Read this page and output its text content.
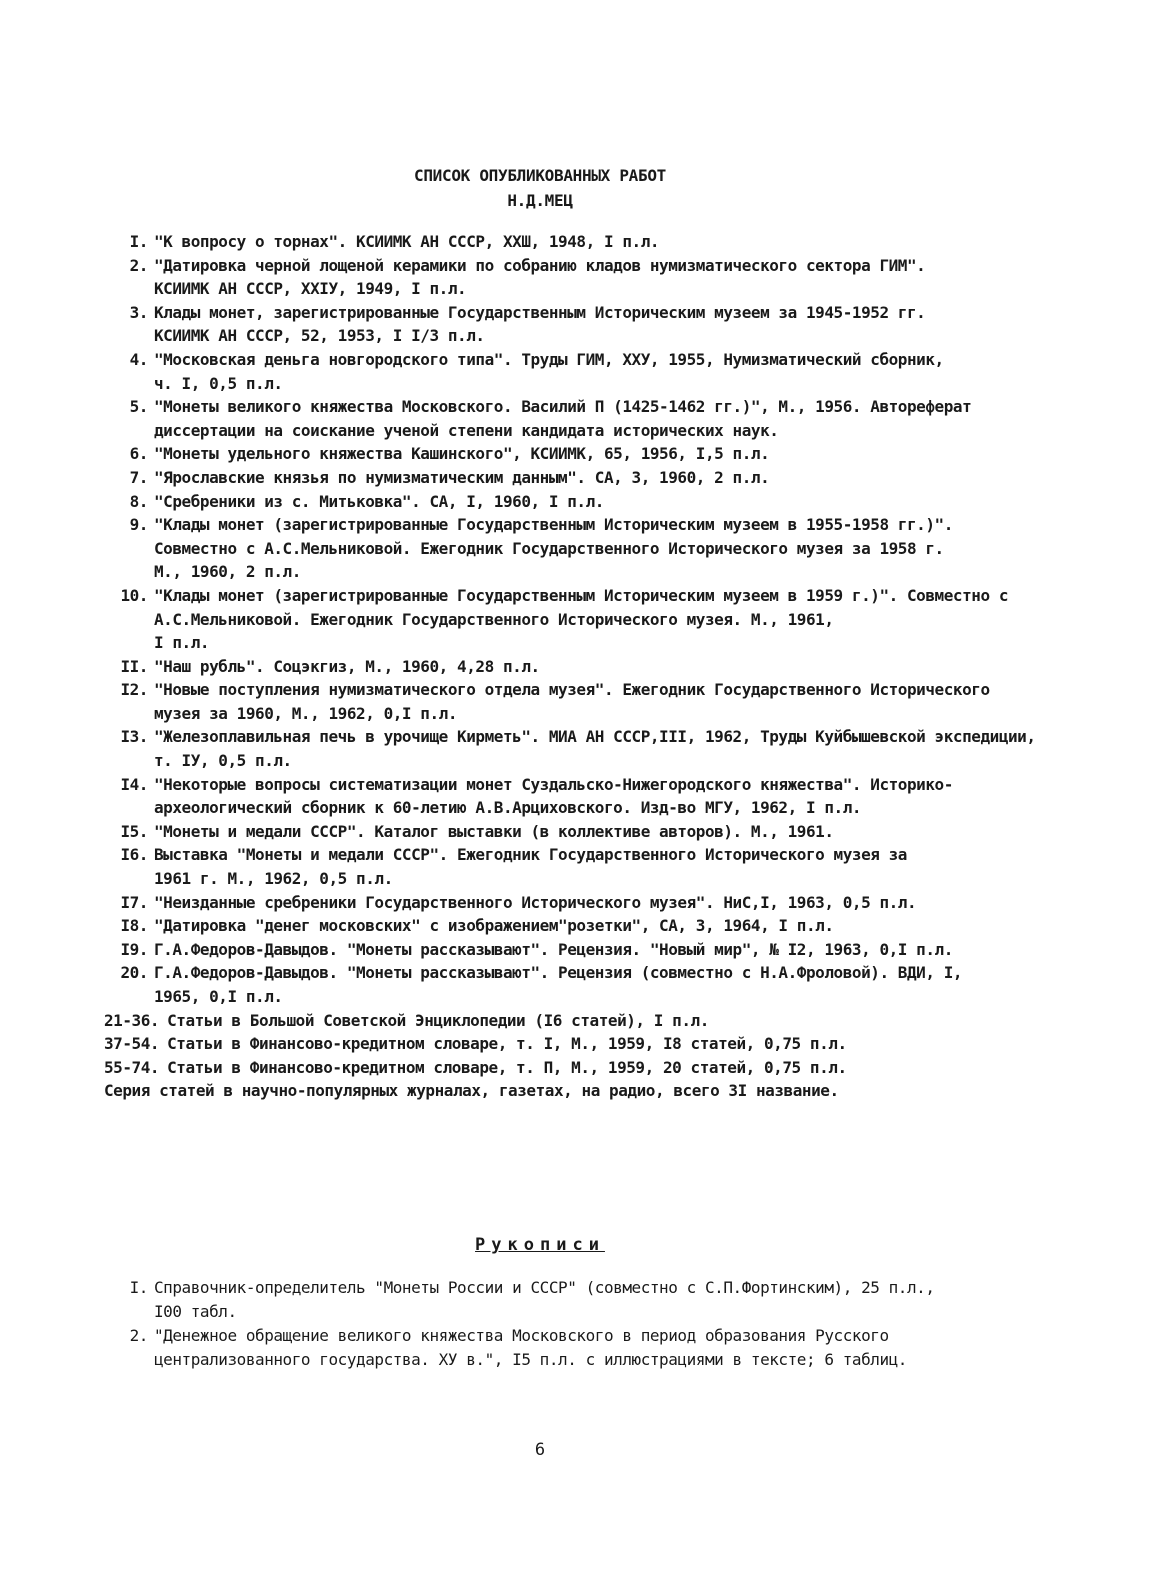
СПИСОК ОПУБЛИКОВАННЫХ РАБОТ
Н.Д.МЕЦ
I. "К вопросу о торнах". КСИИМК АН СССР, XXШ, 1948, I п.л.
2. "Датировка черной лощеной керамики по собранию кладов нумизматического сектора ГИМ".
КСИИМК АН СССР, XXIУ, 1949, I п.л.
3. Клады монет, зарегистрированные Государственным Историческим музеем за 1945-1952 гг.
КСИИМК АН СССР, 52, 1953, I I/3 п.л.
4. "Московская деньга новгородского типа". Труды ГИМ, XXУ, 1955, Нумизматический сборник,
ч. I, 0,5 п.л.
5. "Монеты великого княжества Московского. Василий П (1425-1462 гг.)", М., 1956. Автореферат диссертации на соискание ученой степени кандидата исторических наук.
6. "Монеты удельного княжества Кашинского", КСИИМК, 65, 1956, I,5 п.л.
7. "Ярославские князья по нумизматическим данным". СА, 3, 1960, 2 п.л.
8. "Сребреники из с. Митьковка". СА, I, 1960, I п.л.
9. "Клады монет (зарегистрированные Государственным Историческим музеем в 1955-1958 гг.)".
Совместно с А.С.Мельниковой. Ежегодник Государственного Исторического музея за 1958 г.
М., 1960, 2 п.л.
10. "Клады монет (зарегистрированные Государственным Историческим музеем в 1959 г.)". Совместно с А.С.Мельниковой. Ежегодник Государственного Исторического музея. М., 1961,
I п.л.
II. "Наш рубль". Соцэкгиз, М., 1960, 4,28 п.л.
I2. "Новые поступления нумизматического отдела музея". Ежегодник Государственного Исторического музея за 1960, М., 1962, 0,I п.л.
I3. "Железоплавильная печь в урочище Кирметь". МИА АН СССР,III, 1962, Труды Куйбышевской экспедиции, т. IУ, 0,5 п.л.
I4. "Некоторые вопросы систематизации монет Суздальско-Нижегородского княжества". Историко-археологический сборник к 60-летию А.В.Арциховского. Изд-во МГУ, 1962, I п.л.
I5. "Монеты и медали СССР". Каталог выставки (в коллективе авторов). М., 1961.
I6. Выставка "Монеты и медали СССР". Ежегодник Государственного Исторического музея за
1961 г. М., 1962, 0,5 п.л.
I7. "Неизданные сребреники Государственного Исторического музея". НиС,I, 1963, 0,5 п.л.
I8. "Датировка "денег московских" с изображением"розетки", СА, 3, 1964, I п.л.
I9. Г.А.Федоров-Давыдов. "Монеты рассказывают". Рецензия. "Новый мир", № I2, 1963, 0,I п.л.
20. Г.А.Федоров-Давыдов. "Монеты рассказывают". Рецензия (совместно с Н.А.Фроловой). ВДИ, I,
1965, 0,I п.л.
21-36. Статьи в Большой Советской Энциклопедии (I6 статей), I п.л.
37-54. Статьи в Финансово-кредитном словаре, т. I, М., 1959, I8 статей, 0,75 п.л.
55-74. Статьи в Финансово-кредитном словаре, т. П, М., 1959, 20 статей, 0,75 п.л.
Серия статей в научно-популярных журналах, газетах, на радио, всего 3I название.
Рукописи
I. Справочник-определитель "Монеты России и СССР" (совместно с С.П.Фортинским), 25 п.л.,
I00 табл.
2. "Денежное обращение великого княжества Московского в период образования Русского централизованного государства. XУ в.", I5 п.л. с иллюстрациями в тексте; 6 таблиц.
6
